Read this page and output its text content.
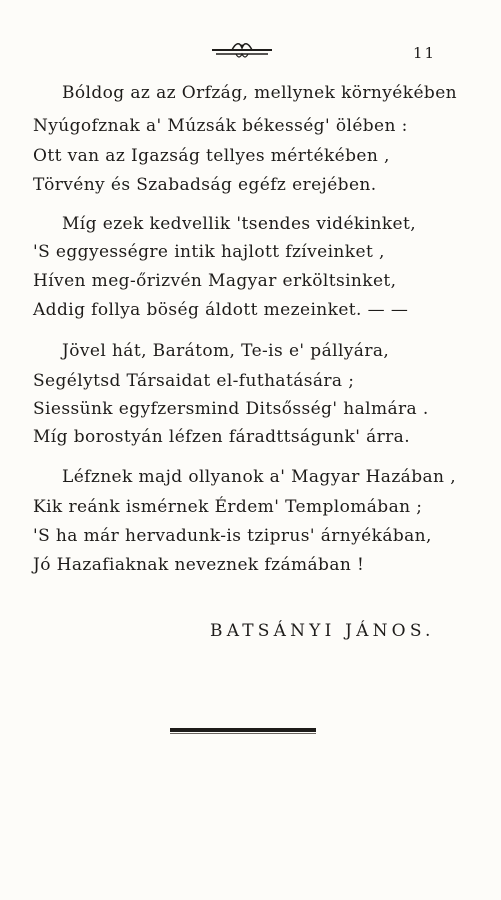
11
Bóldog az az Orfzág, mellynek környékében
Nyúgofznak a' Múzsák békesség' ölében :
Ott van az Igazság tellyes mértékében ,
Törvény és Szabadság egéfz erejében.
Míg ezek kedvellik 'tsendes vidékinket,
'S eggyességre intik hajlott fzíveinket ,
Híven meg-őrizvén Magyar erköltsinket,
Addig follya böség áldott mezeinket. — —
Jövel hát, Barátom, Te-is e' pállyára,
Segélytsd Társaidat el-futhatására ;
Siessünk egyfzersmind Ditsősség' halmára .
Míg borostyán léfzen fáradttságunk' árra.
Léfznek majd ollyanok a' Magyar Hazában ,
Kik reánk ismérnek Érdem' Templomában ;
'S ha már hervadunk-is tziprus' árnyékában,
Jó Hazafiaknak neveznek fzámában !
BATSÁNYI JÁNOS.
